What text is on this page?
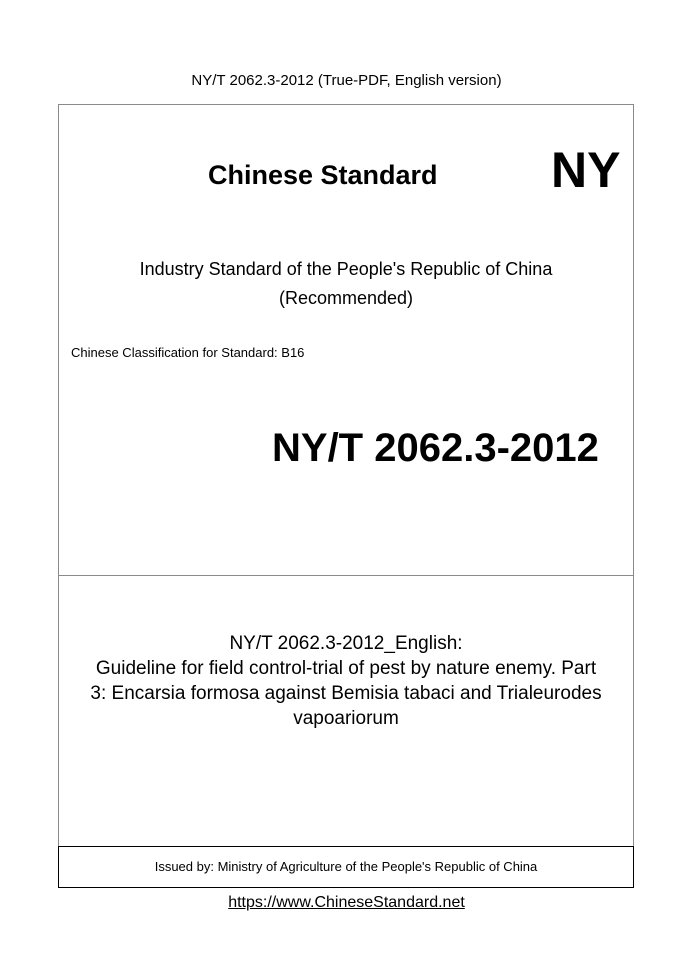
NY/T 2062.3-2012 (True-PDF, English version)
Chinese Standard NY
Industry Standard of the People's Republic of China
(Recommended)
Chinese Classification for Standard: B16
NY/T 2062.3-2012
NY/T 2062.3-2012_English:
Guideline for field control-trial of pest by nature enemy. Part
3: Encarsia formosa against Bemisia tabaci and Trialeurodes
vapoariorum
Issued by: Ministry of Agriculture of the People's Republic of China
https://www.ChineseStandard.net
